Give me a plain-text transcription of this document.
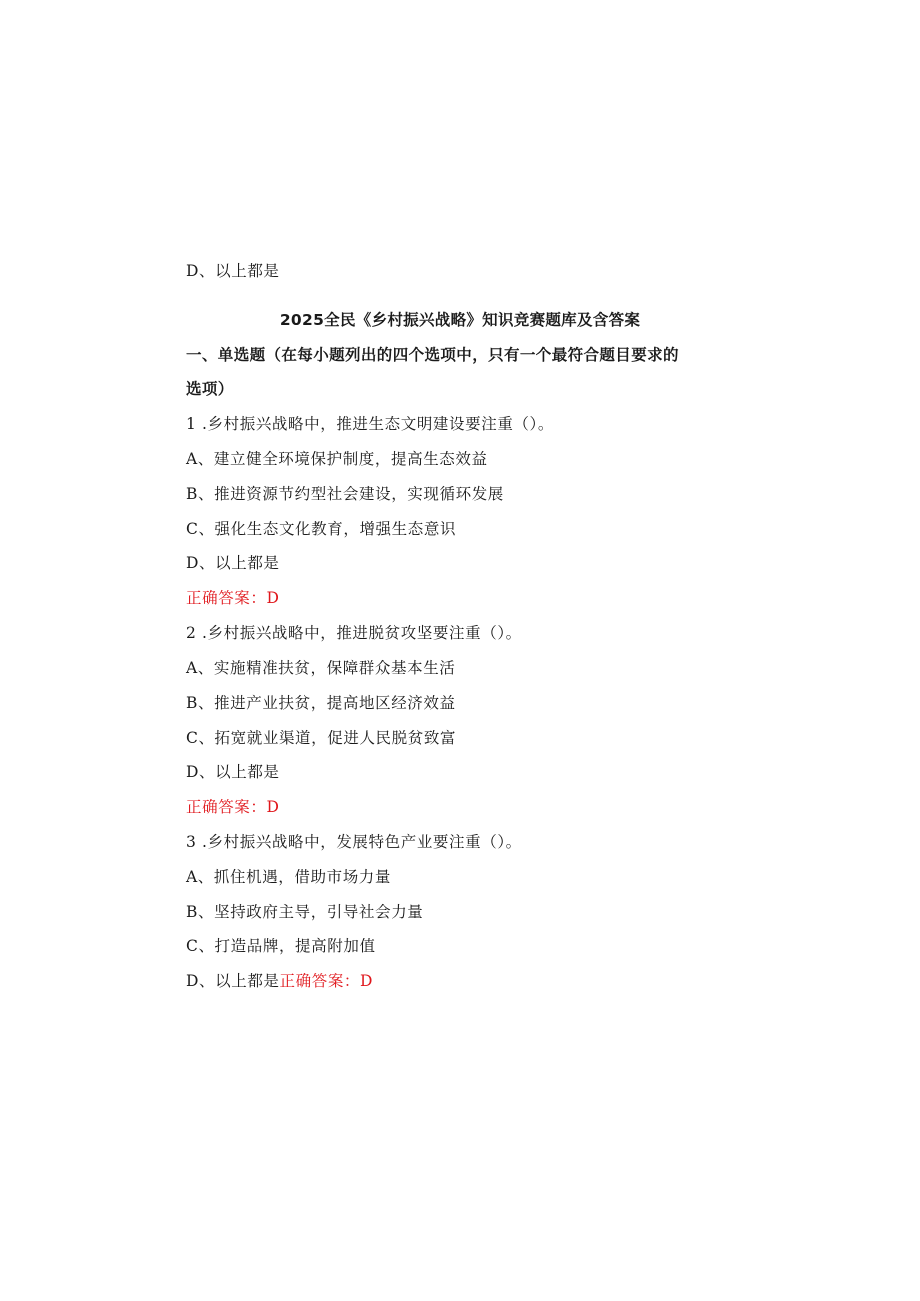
D、以上都是
2025全民《乡村振兴战略》知识竞赛题库及含答案
一、单选题（在每小题列出的四个选项中，只有一个最符合题目要求的
选项）
1 .乡村振兴战略中，推进生态文明建设要注重（）。
A、建立健全环境保护制度，提高生态效益
B、推进资源节约型社会建设，实现循环发展
C、强化生态文化教育，增强生态意识
D、以上都是
正确答案：D
2 .乡村振兴战略中，推进脱贫攻坚要注重（）。
A、实施精准扶贫，保障群众基本生活
B、推进产业扶贫，提高地区经济效益
C、拓宽就业渠道，促进人民脱贫致富
D、以上都是
正确答案：D
3 .乡村振兴战略中，发展特色产业要注重（）。
A、抓住机遇，借助市场力量
B、坚持政府主导，引导社会力量
C、打造品牌，提高附加值
D、以上都是正确答案：D
